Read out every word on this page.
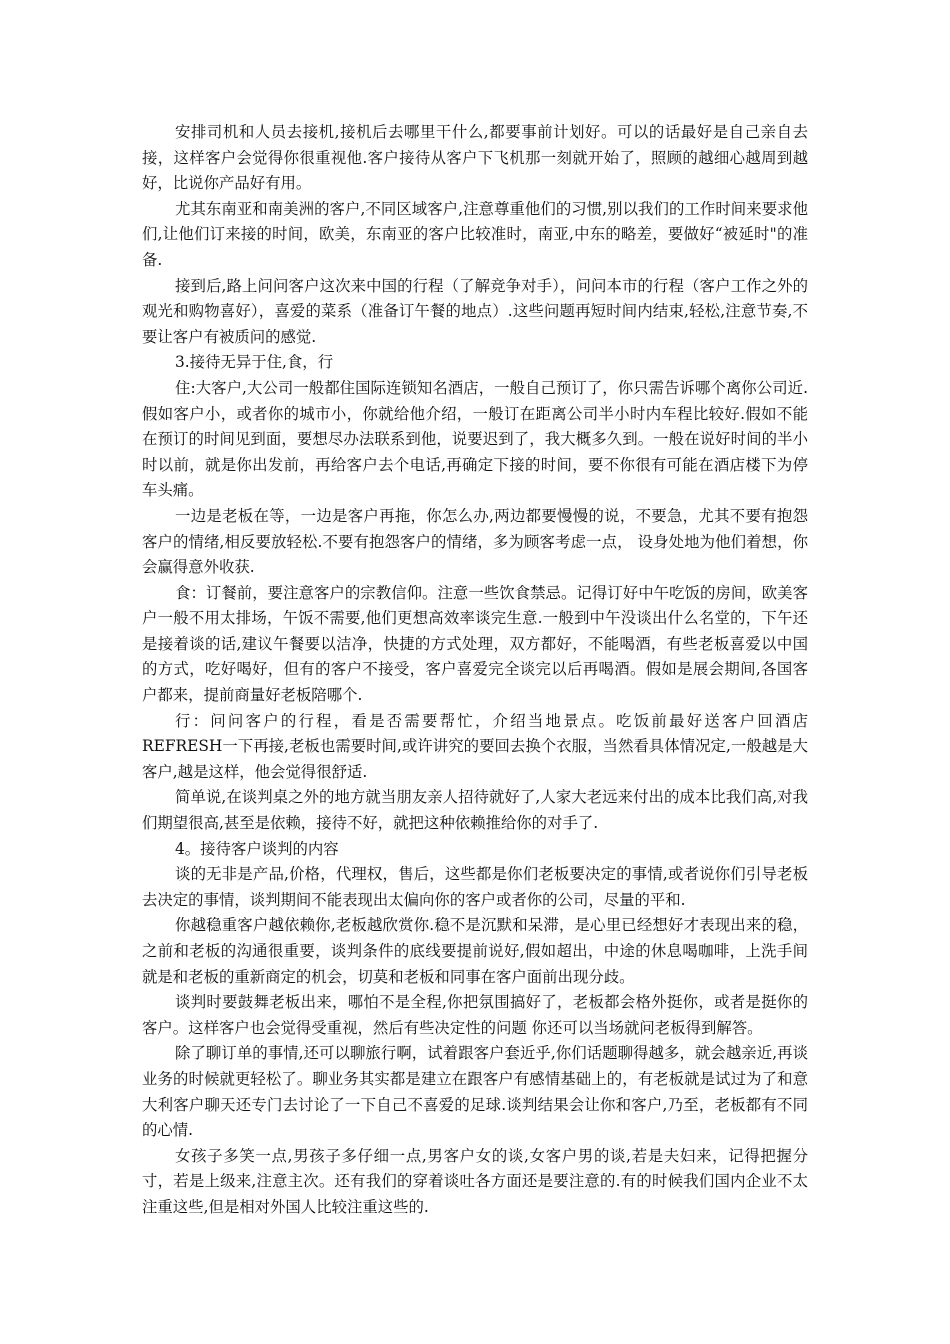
安排司机和人员去接机,接机后去哪里干什么,都要事前计划好。可以的话最好是自己亲自去接，这样客户会觉得你很重视他.客户接待从客户下飞机那一刻就开始了，照顾的越细心越周到越好，比说你产品好有用。

尤其东南亚和南美洲的客户,不同区域客户,注意尊重他们的习惯,别以我们的工作时间来要求他们,让他们订来接的时间，欧美，东南亚的客户比较准时，南亚,中东的略差，要做好“被延时"的准备.

接到后,路上问问客户这次来中国的行程（了解竞争对手），问问本市的行程（客户工作之外的观光和购物喜好），喜爱的菜系（准备订午餐的地点）.这些问题再短时间内结束,轻松,注意节奏,不要让客户有被质问的感觉.

3.接待无异于住,食，行

住:大客户,大公司一般都住国际连锁知名酒店，一般自己预订了，你只需告诉哪个离你公司近.假如客户小，或者你的城市小，你就给他介绍，一般订在距离公司半小时内车程比较好.假如不能在预订的时间见到面，要想尽办法联系到他，说要迟到了，我大概多久到。一般在说好时间的半小时以前，就是你出发前，再给客户去个电话,再确定下接的时间，要不你很有可能在酒店楼下为停车头痛。

一边是老板在等，一边是客户再拖，你怎么办,两边都要慢慢的说，不要急，尤其不要有抱怨客户的情绪,相反要放轻松.不要有抱怨客户的情绪，多为顾客考虑一点， 设身处地为他们着想，你会赢得意外收获.

食：订餐前，要注意客户的宗教信仰。注意一些饮食禁忌。记得订好中午吃饭的房间，欧美客户一般不用太排场，午饭不需要,他们更想高效率谈完生意.一般到中午没谈出什么名堂的，下午还是接着谈的话,建议午餐要以洁净，快捷的方式处理，双方都好，不能喝酒，有些老板喜爱以中国的方式，吃好喝好，但有的客户不接受，客户喜爱完全谈完以后再喝酒。假如是展会期间,各国客户都来，提前商量好老板陪哪个.

行：问问客户的行程，看是否需要帮忙，介绍当地景点。吃饭前最好送客户回酒店REFRESH一下再接,老板也需要时间,或许讲究的要回去换个衣服，当然看具体情况定,一般越是大客户,越是这样，他会觉得很舒适.

简单说,在谈判桌之外的地方就当朋友亲人招待就好了,人家大老远来付出的成本比我们高,对我们期望很高,甚至是依赖，接待不好，就把这种依赖推给你的对手了.

4。接待客户谈判的内容

谈的无非是产品,价格，代理权，售后，这些都是你们老板要决定的事情,或者说你们引导老板去决定的事情，谈判期间不能表现出太偏向你的客户或者你的公司，尽量的平和.

你越稳重客户越依赖你,老板越欣赏你.稳不是沉默和呆滞，是心里已经想好才表现出来的稳，之前和老板的沟通很重要，谈判条件的底线要提前说好,假如超出，中途的休息喝咖啡，上洗手间就是和老板的重新商定的机会，切莫和老板和同事在客户面前出现分歧。

谈判时要鼓舞老板出来，哪怕不是全程,你把氛围搞好了，老板都会格外挺你，或者是挺你的客户。这样客户也会觉得受重视，然后有些决定性的问题 你还可以当场就问老板得到解答。

除了聊订单的事情,还可以聊旅行啊，试着跟客户套近乎,你们话题聊得越多，就会越亲近,再谈业务的时候就更轻松了。聊业务其实都是建立在跟客户有感情基础上的，有老板就是试过为了和意大利客户聊天还专门去讨论了一下自己不喜爱的足球.谈判结果会让你和客户,乃至，老板都有不同的心情.

女孩子多笑一点,男孩子多仔细一点,男客户女的谈,女客户男的谈,若是夫妇来，记得把握分寸，若是上级来,注意主次。还有我们的穿着谈吐各方面还是要注意的.有的时候我们国内企业不太注重这些,但是相对外国人比较注重这些的.
